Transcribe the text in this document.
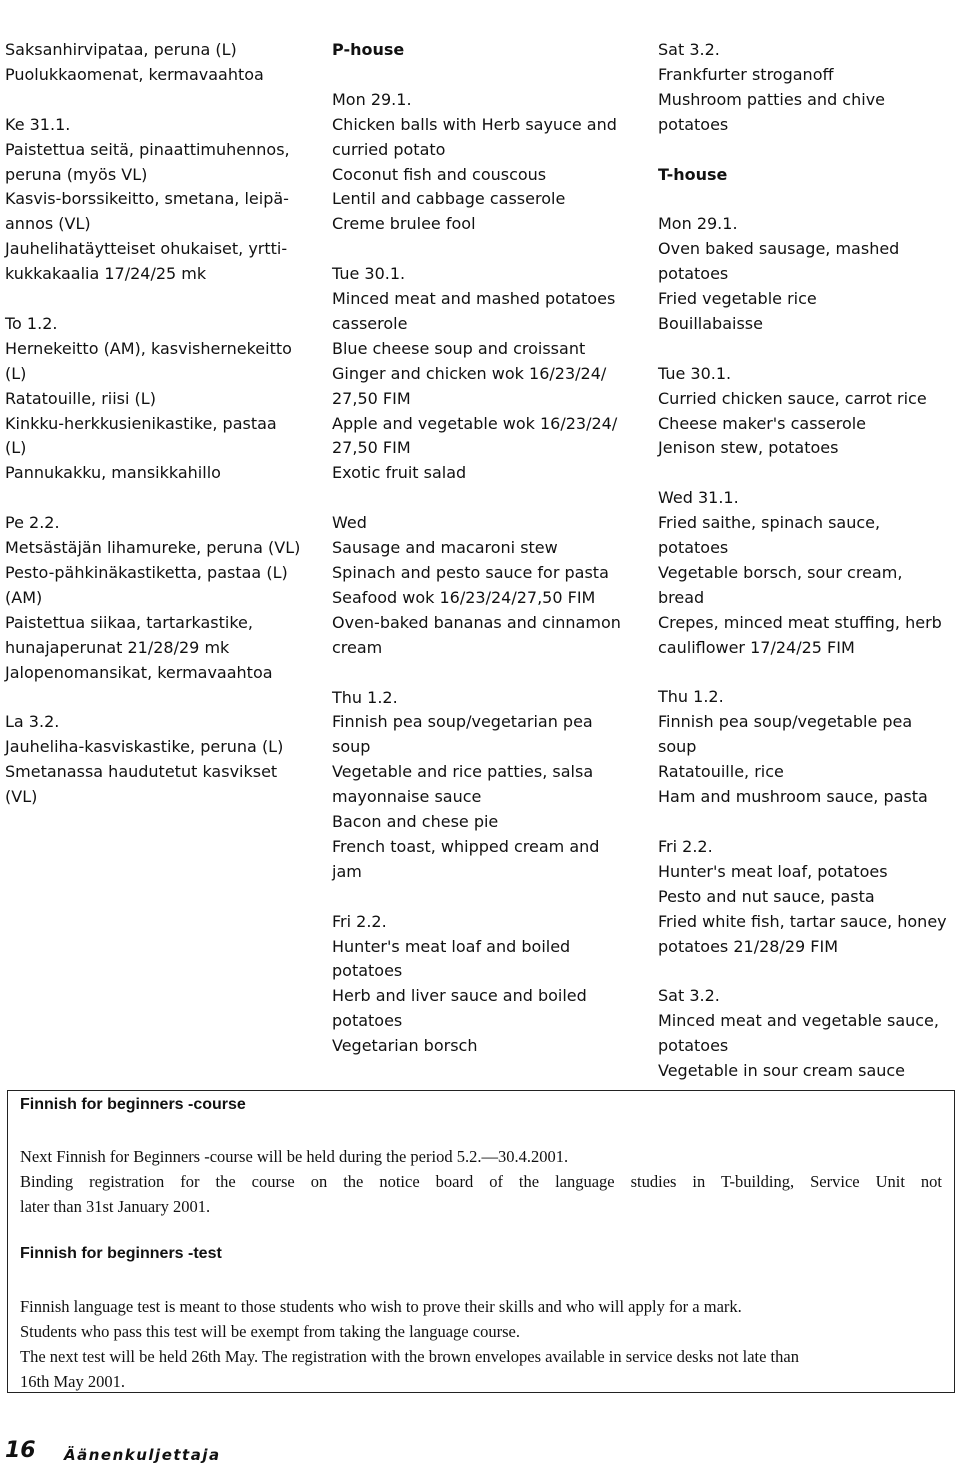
Saksanhirvipataa, peruna (L)
Puolukkaomenat, kermavaahtoa
Ke 31.1.
Paistettua seitä, pinaattimuhennos,
peruna (myös VL)
Kasvis-borssikeitto, smetana, leipä-
annos (VL)
Jauhelihatäytteiset ohukaiset, yrtti-
kukkakaalia 17/24/25 mk
To 1.2.
Hernekeitto (AM), kasvishernekeitto
(L)
Ratatouille, riisi (L)
Kinkku-herkkusienikastike, pastaa
(L)
Pannukakku, mansikkahillo
Pe 2.2.
Metsästäjän lihamureke, peruna (VL)
Pesto-pähkinäkastiketta, pastaa (L)
(AM)
Paistettua siikaa, tartarkastike,
hunajaperunat 21/28/29 mk
Jalopenomansikat, kermavaahtoa
La 3.2.
Jauheliha-kasviskastike, peruna (L)
Smetanassa haudutetut kasvikset
(VL)
P-house
Mon 29.1.
Chicken balls with Herb sayuce and
curried potato
Coconut fish and couscous
Lentil and cabbage casserole
Creme brulee fool
Tue 30.1.
Minced meat and mashed potatoes
casserole
Blue cheese soup and croissant
Ginger and chicken wok 16/23/24/
27,50 FIM
Apple and vegetable wok 16/23/24/
27,50 FIM
Exotic fruit salad
Wed
Sausage and macaroni stew
Spinach and pesto sauce for pasta
Seafood wok 16/23/24/27,50 FIM
Oven-baked bananas and cinnamon
cream
Thu 1.2.
Finnish pea soup/vegetarian pea
soup
Vegetable and rice patties, salsa
mayonnaise sauce
Bacon and chese pie
French toast, whipped cream and
jam
Fri 2.2.
Hunter's meat loaf and boiled
potatoes
Herb and liver sauce and boiled
potatoes
Vegetarian borsch
Sat 3.2.
Frankfurter stroganoff
Mushroom patties and chive
potatoes
T-house
Mon 29.1.
Oven baked sausage, mashed
potatoes
Fried vegetable rice
Bouillabaisse
Tue 30.1.
Curried chicken sauce, carrot rice
Cheese maker's casserole
Jenison stew, potatoes
Wed 31.1.
Fried saithe, spinach sauce,
potatoes
Vegetable borsch, sour cream,
bread
Crepes, minced meat stuffing, herb
cauliflower 17/24/25 FIM
Thu 1.2.
Finnish pea soup/vegetable pea
soup
Ratatouille, rice
Ham and mushroom sauce, pasta
Fri 2.2.
Hunter's meat loaf, potatoes
Pesto and nut sauce, pasta
Fried white fish, tartar sauce, honey
potatoes 21/28/29 FIM
Sat 3.2.
Minced meat and vegetable sauce,
potatoes
Vegetable in sour cream sauce
Finnish for beginners -course
Next Finnish for Beginners -course will be held during the period 5.2.—30.4.2001.
Binding registration for the course on the notice board of the language studies in T-building, Service Unit not
later than 31st January 2001.
Finnish for beginners -test
Finnish language test is meant to those students who wish to prove their skills and who will apply for a mark.
Students who pass this test will be exempt from taking the language course.
The next test will be held 26th May. The registration with the brown envelopes available in service desks not late than
16th May 2001.
16 Äänenkuljettaja
